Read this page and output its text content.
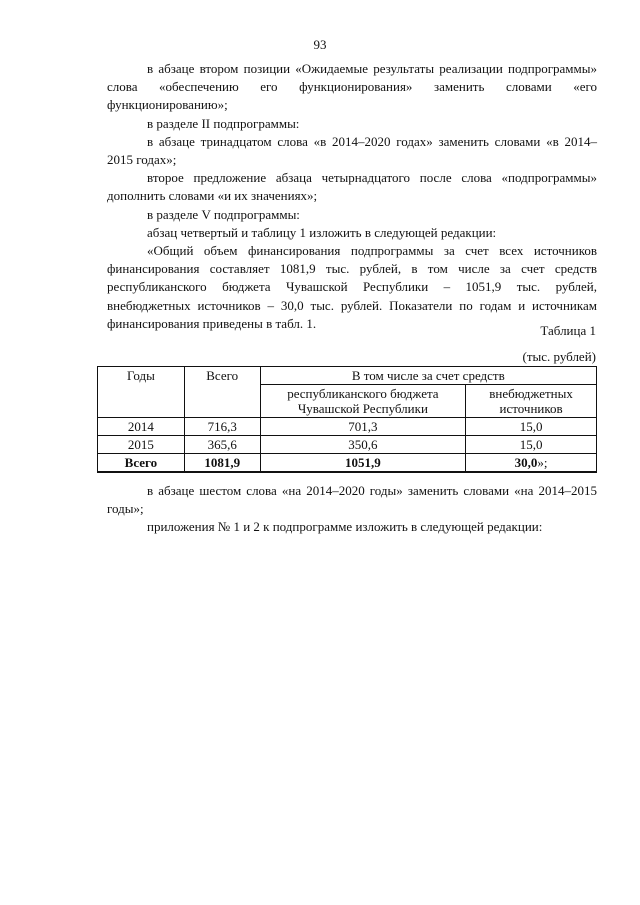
93

в абзаце втором позиции «Ожидаемые результаты реализации подпрограммы» слова «обеспечению его функционирования» заменить словами «его функционированию»;

в разделе II подпрограммы:

в абзаце тринадцатом слова «в 2014–2020 годах» заменить словами «в 2014–2015 годах»;

второе предложение абзаца четырнадцатого после слова «подпрограммы» дополнить словами «и их значениях»;

в разделе V подпрограммы:

абзац четвертый и таблицу 1 изложить в следующей редакции:

«Общий объем финансирования подпрограммы за счет всех источников финансирования составляет 1081,9 тыс. рублей, в том числе за счет средств республиканского бюджета Чувашской Республики – 1051,9 тыс. рублей, внебюджетных источников – 30,0 тыс. рублей. Показатели по годам и источникам финансирования приведены в табл. 1.	Таблица 1
(тыс. рублей)
Годы	Всего	В том числе за счет средств	
		республиканского бюджета Чувашской Республики	внебюджетных источников
2014	716,3	701,3	15,0
2015	365,6	350,6	15,0
Всего	1081,9	1051,9	30,0»;

в абзаце шестом слова «на 2014–2020 годы» заменить словами «на 2014–2015 годы»;

приложения № 1 и 2 к подпрограмме изложить в следующей редакции:
